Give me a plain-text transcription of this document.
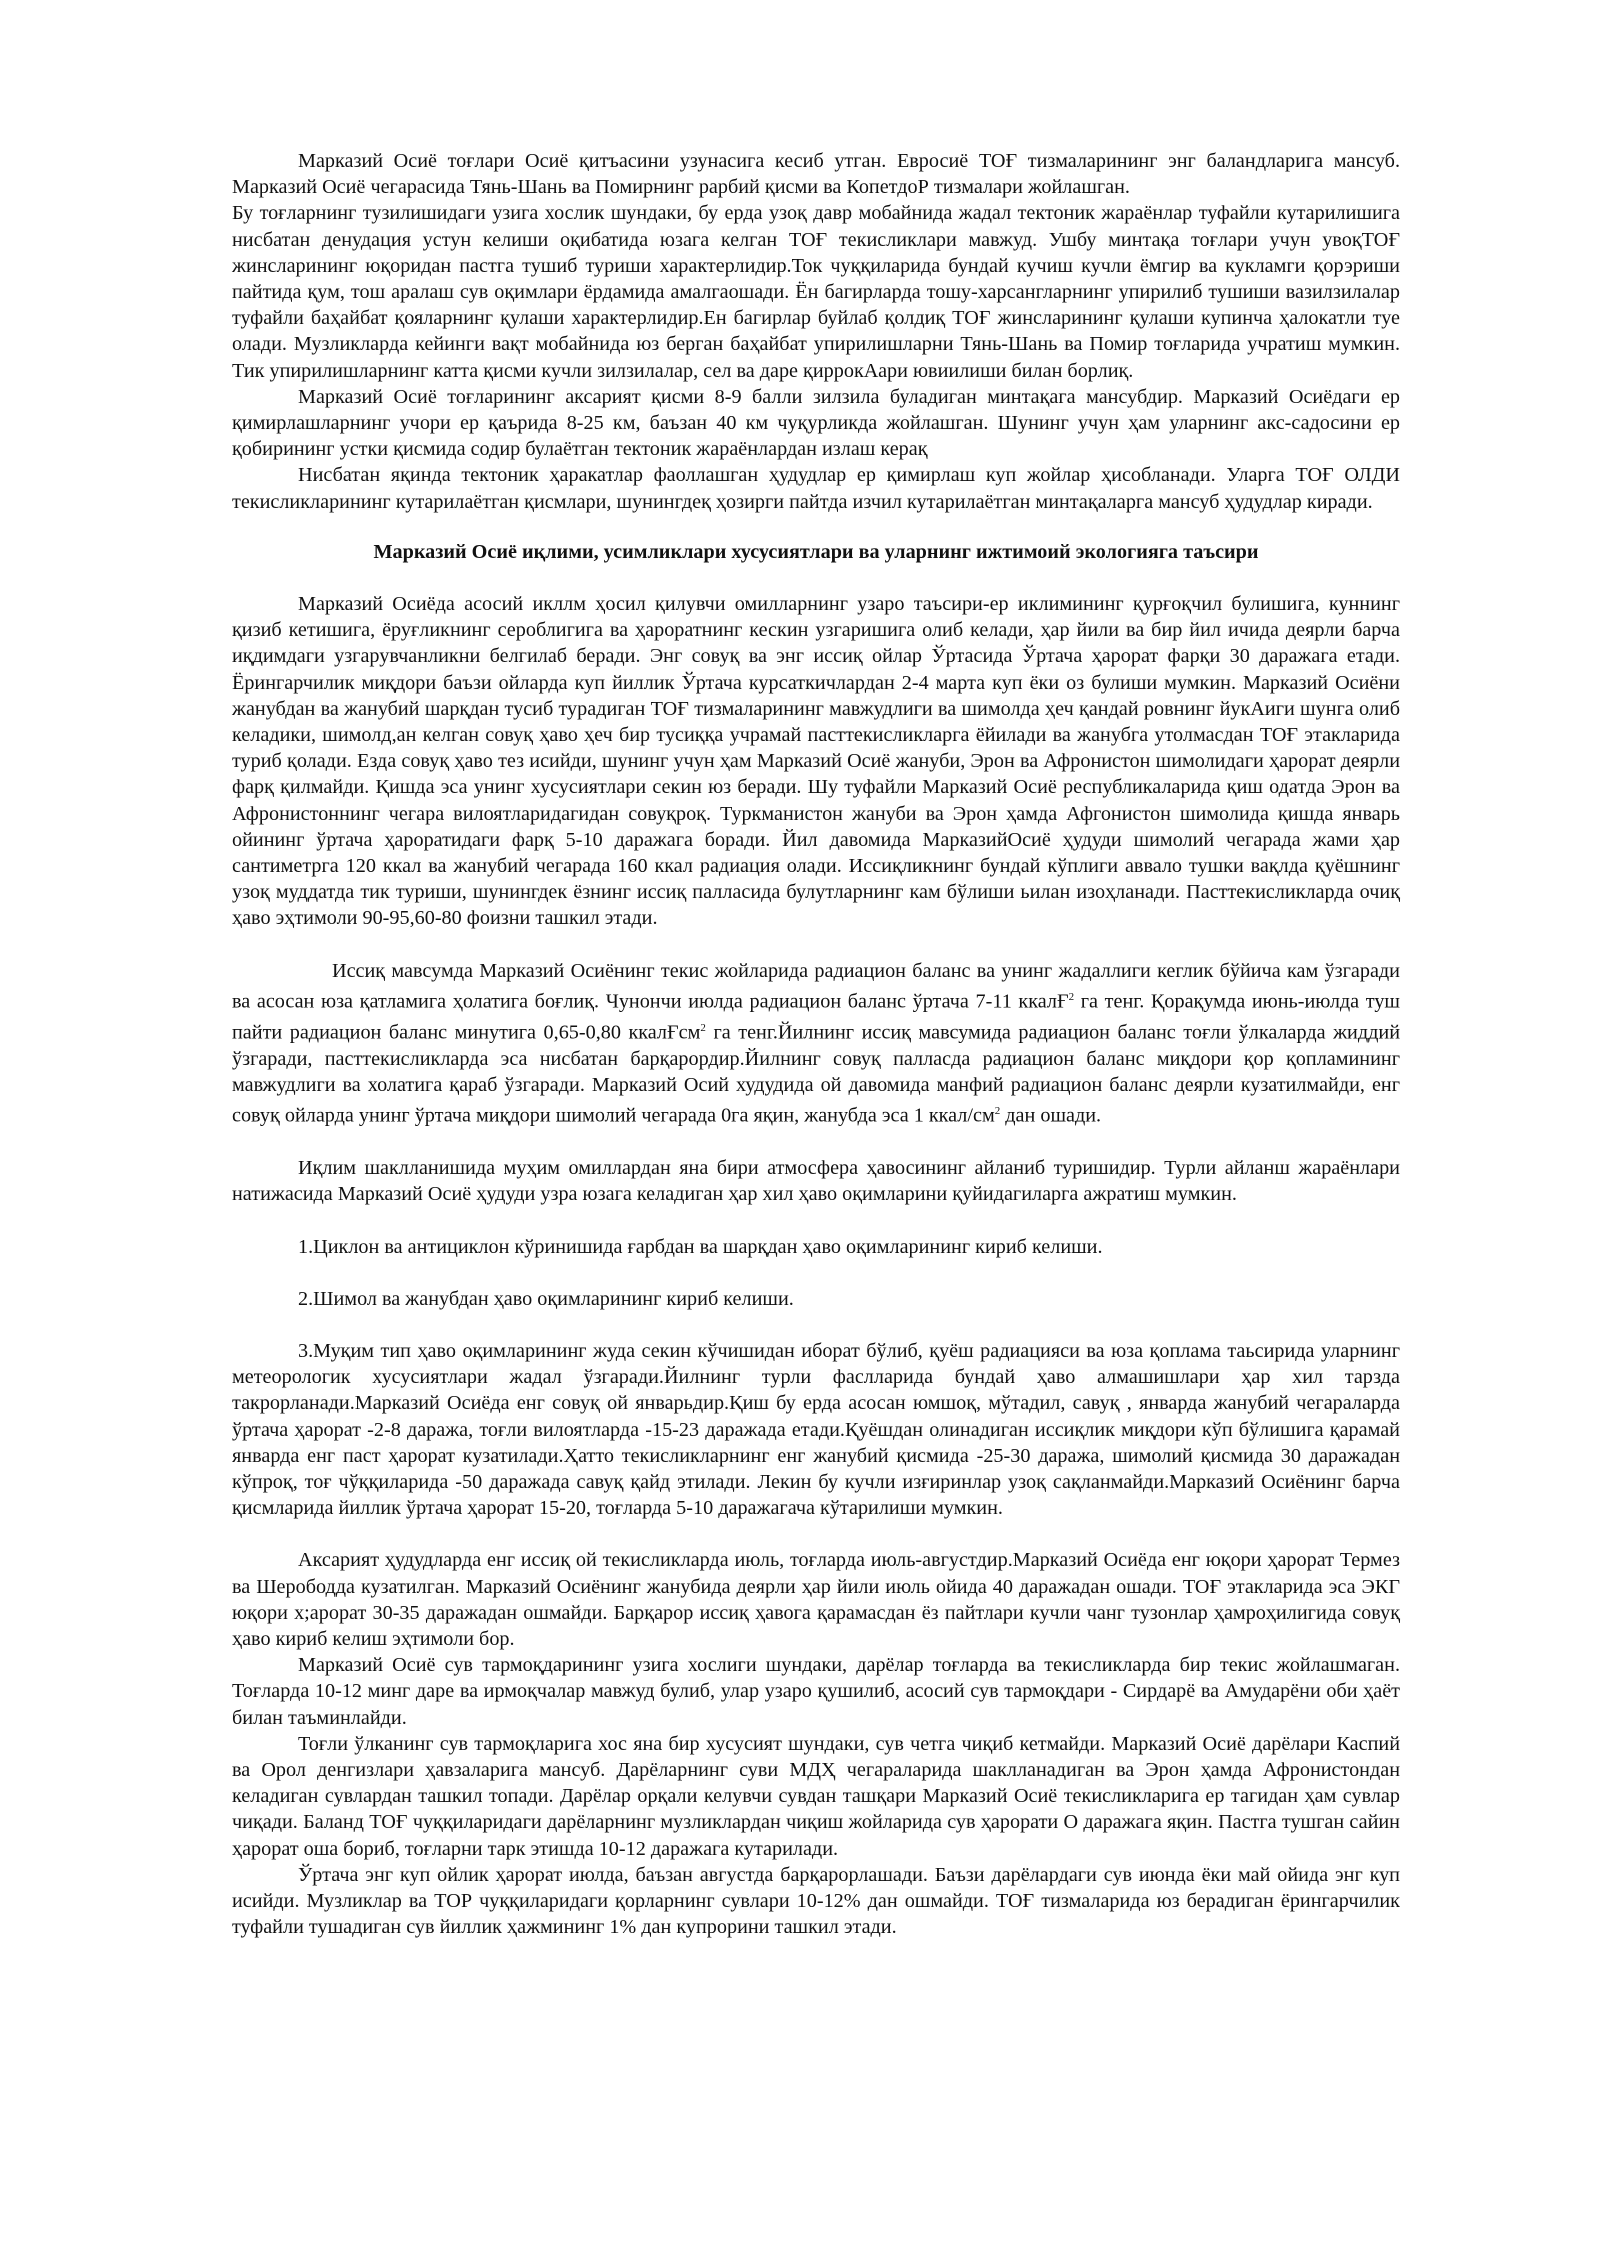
Марказий Осиё тоғлари Осиё қитъасини узунасига кесиб утган. Евросиё ТОҒ тизмаларининг энг баландларига мансуб. Марказий Осиё чегарасида Тянь-Шань ва Помирнинг рарбий қисми ва КопетдоР тизмалари жойлашган.

Бу тоғларнинг тузилишидаги узига хослик шундаки, бу ерда узоқ давр мобайнида жадал тектоник жараёнлар туфайли кутарилишига нисбатан денудация устун келиши оқибатида юзага келган ТОҒ текисликлари мавжуд. Ушбу минтақа тоғлари учун увоқТОҒ жинсларининг юқоридан пастга тушиб туриши характерлидир.Ток чуққиларида бундай кучиш кучли ёмгир ва кукламги қорэриши пайтида қум, тош аралаш сув оқимлари ёрдамида амалгаошади. Ён багирларда тошу-харсангларнинг упирилиб тушиши вазилзилалар туфайли баҳайбат қояларнинг қулаши характерлидир.Ен багирлар буйлаб қолдиқ ТОҒ жинсларининг қулаши купинча ҳалокатли туе олади. Музликларда кейинги вақт мобайнида юз берган баҳайбат упирилишларни Тянь-Шань ва Помир тоғларида учратиш мумкин. Тик упирилишларнинг катта қисми кучли зилзилалар, сел ва даре қиррокАари ювиилиши билан борлиқ.

Марказий Осиё тоғларининг аксарият қисми 8-9 балли зилзила буладиган минтақага мансубдир. Марказий Осиёдаги ер қимирлашларнинг учори ер қаърида 8-25 км, баъзан 40 км чуқурликда жойлашган. Шунинг учун ҳам уларнинг акс-садосини ер қобирининг устки қисмида содир булаётган тектоник жараёнлардан излаш керақ

Нисбатан яқинда тектоник ҳаракатлар фаоллашган ҳудудлар ер қимирлаш куп жойлар ҳисобланади. Уларга ТОҒ ОЛДИ текисликларининг кутарилаётган қисмлари, шунингдеқ ҳозирги пайтда изчил кутарилаётган минтақаларга мансуб ҳудудлар киради.

Марказий Осиё иқлими, усимликлари хусусиятлари ва уларнинг ижтимоий экологияга таъсири

Марказий Осиёда асосий икллм ҳосил қилувчи омилларнинг узаро таъсири-ер иклимининг қурғоқчил булишига, куннинг қизиб кетишига, ёруғликнинг сероблигига ва ҳароратнинг кескин узгаришига олиб келади, ҳар йили ва бир йил ичида деярли барча иқдимдаги узгарувчанликни белгилаб беради. Энг совуқ ва энг иссиқ ойлар Ўртасида Ўртача ҳарорат фарқи 30 даражага етади. Ёрингарчилик миқдори баъзи ойларда куп йиллик Ўртача курсаткичлардан 2-4 марта куп ёки оз булиши мумкин. Марказий Осиёни жанубдан ва жанубий шарқдан тусиб турадиган ТОҒ тизмаларининг мавжудлиги ва шимолда ҳеч қандай ровнинг йукАиги шунга олиб келадики, шимолд,ан келган совуқ ҳаво ҳеч бир тусиққа учрамай пасттекисликларга ёйилади ва жанубга утолмасдан ТОҒ этакларида туриб қолади. Езда совуқ ҳаво тез исийди, шунинг учун ҳам Марказий Осиё жануби, Эрон ва Афронистон шимолидаги ҳарорат деярли фарқ қилмайди. Қишда эса унинг хусусиятлари секин юз беради. Шу туфайли Марказий Осиё республикаларида қиш одатда Эрон ва Афронистоннинг чегара вилоятларидагидан совуқроқ. Туркманистон жануби ва Эрон ҳамда Афгонистон шимолида қишда январь ойининг ўртача ҳароратидаги фарқ 5-10 даражага боради. Йил давомида МарказийОсиё ҳудуди шимолий чегарада жами ҳар сантиметрга 120 ккал ва жанубий чегарада 160 ккал радиация олади. Иссиқликнинг бундай кўплиги аввало тушки вақлда қуёшнинг узоқ муддатда тик туриши, шунингдек ёзнинг иссиқ палласида булутларнинг кам бўлиши ьилан изоҳланади. Пасттекисликларда очиқ ҳаво эҳтимоли 90-95,60-80 фоизни ташкил этади.

Иссиқ мавсумда Марказий Осиёнинг текис жойларида радиацион баланс ва унинг жадаллиги кеглик бўйича кам ўзгаради ва асосан юза қатламига ҳолатига боғлиқ. Чунончи июлда радиацион баланс ўртача 7-11 ккалҒ$^2$ га тенг. Қорақумда июнь-июлда туш пайти радиацион баланс минутига 0,65-0,80 ккалҒсм$^2$ га тенг.Йилнинг иссиқ мавсумида радиацион баланс тоғли ўлкаларда жиддий ўзгаради, пасттекисликларда эса нисбатан барқарордир.Йилнинг совуқ палласда радиацион баланс миқдори қор қопламининг мавжудлиги ва холатига қараб ўзгаради. Марказий Осий худудида ой давомида манфий радиацион баланс деярли кузатилмайди, енг совуқ ойларда унинг ўртача миқдори шимолий чегарада 0га яқин, жанубда эса 1 ккал/$см^2$ дан ошади.

Иқлим шаклланишида муҳим омиллардан яна бири атмосфера ҳавосининг айланиб туришидир. Турли айланш жараёнлари натижасида Марказий Осиё ҳудуди узра юзага келадиган ҳар хил ҳаво оқимларини қуйидагиларга ажратиш мумкин.

1.Циклон ва антициклон кўринишида ғарбдан ва шарқдан ҳаво оқимларининг кириб келиши.

2.Шимол ва жанубдан ҳаво оқимларининг кириб келиши.

3.Муқим тип ҳаво оқимларининг жуда секин кўчишидан иборат бўлиб, қуёш радиацияси ва юза қоплама таьсирида уларнинг метеорологик хусусиятлари жадал ўзгаради.Йилнинг турли фаслларида бундай ҳаво алмашишлари ҳар хил тарзда такрорланади.Марказий Осиёда енг совуқ ой январьдир.Қиш бу ерда асосан юмшоқ, мўтадил, савуқ , январда жанубий чегараларда ўртача ҳарорат -2-8 даража, тоғли вилоятларда -15-23 даражада етади.Қуёшдан олинадиган иссиқлик миқдори кўп бўлишига қарамай январда енг паст ҳарорат кузатилади.Ҳатто текисликларнинг енг жанубий қисмида -25-30 даража, шимолий қисмида 30 даражадан кўпроқ, тоғ чўққиларида -50 даражада савуқ қайд этилади. Лекин бу кучли изғиринлар узоқ сақланмайди.Марказий Осиёнинг барча қисмларида йиллик ўртача ҳарорат 15-20, тоғларда 5-10 даражагача кўтарилиши мумкин.

Аксарият ҳудудларда енг иссиқ ой текисликларда июль, тоғларда июль-августдир.Марказий Осиёда енг юқори ҳарорат Термез ва Шерободда кузатилган. Марказий Осиёнинг жанубида деярли ҳар йили июль ойида 40 даражадан ошади. ТОҒ этакларида эса ЭКГ юқори х;арорат 30-35 даражадан ошмайди. Барқарор иссиқ ҳавога қарамасдан ёз пайтлари кучли чанг тузонлар ҳамроҳилигида совуқ ҳаво кириб келиш эҳтимоли бор.

Марказий Осиё сув тармоқдарининг узига хослиги шундаки, дарёлар тоғларда ва текисликларда бир текис жойлашмаган. Тоғларда 10-12 минг даре ва ирмоқчалар мавжуд булиб, улар узаро қушилиб, асосий сув тармоқдари - Сирдарё ва Амударёни оби ҳаёт билан таъминлайди.

Тоғли ўлканинг сув тармоқларига хос яна бир хусусият шундаки, сув четга чиқиб кетмайди. Марказий Осиё дарёлари Каспий ва Орол денгизлари ҳавзаларига мансуб. Дарёларнинг суви МДҲ чегараларида шаклланадиган ва Эрон ҳамда Афронистондан келадиган сувлардан ташкил топади. Дарёлар орқали келувчи сувдан ташқари Марказий Осиё текисликларига ер тагидан ҳам сувлар чиқади. Баланд ТОҒ чуққиларидаги дарёларнинг музликлардан чиқиш жойларида сув ҳарорати О даражага яқин. Пастга тушган сайин ҳарорат оша бориб, тоғларни тарк этишда 10-12 даражага кутарилади.

Ўртача энг куп ойлик ҳарорат июлда, баъзан августда барқарорлашади. Баъзи дарёлардаги сув июнда ёки май ойида энг куп исийди. Музликлар ва ТОР чуққиларидаги қорларнинг сувлари 10-12% дан ошмайди. ТОҒ тизмаларида юз берадиган ёрингарчилик туфайли тушадиган сув йиллик ҳажмининг 1% дан купрорини ташкил этади.
